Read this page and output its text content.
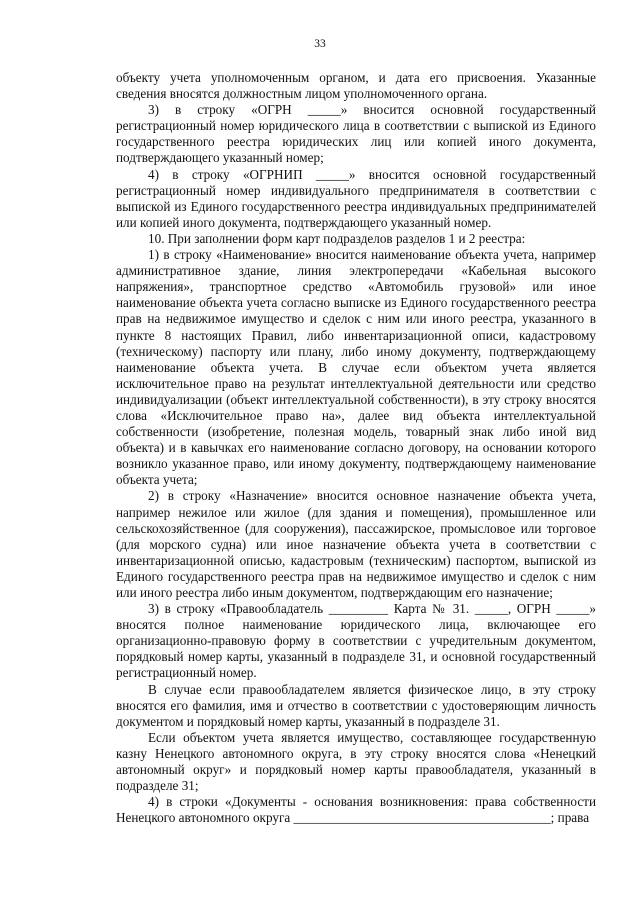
33

объекту учета уполномоченным органом, и дата его присвоения. Указанные сведения вносятся должностным лицом уполномоченного органа.

3) в строку «ОГРН _____» вносится основной государственный регистрационный номер юридического лица в соответствии с выпиской из Единого государственного реестра юридических лиц или копией иного документа, подтверждающего указанный номер;

4) в строку «ОГРНИП _____» вносится основной государственный регистрационный номер индивидуального предпринимателя в соответствии с выпиской из Единого государственного реестра индивидуальных предпринимателей или копией иного документа, подтверждающего указанный номер.

10. При заполнении форм карт подразделов разделов 1 и 2 реестра:

1) в строку «Наименование» вносится наименование объекта учета, например административное здание, линия электропередачи «Кабельная высокого напряжения», транспортное средство «Автомобиль грузовой» или иное наименование объекта учета согласно выписке из Единого государственного реестра прав на недвижимое имущество и сделок с ним или иного реестра, указанного в пункте 8 настоящих Правил, либо инвентаризационной описи, кадастровому (техническому) паспорту или плану, либо иному документу, подтверждающему наименование объекта учета. В случае если объектом учета является исключительное право на результат интеллектуальной деятельности или средство индивидуализации (объект интеллектуальной собственности), в эту строку вносятся слова «Исключительное право на», далее вид объекта интеллектуальной собственности (изобретение, полезная модель, товарный знак либо иной вид объекта) и в кавычках его наименование согласно договору, на основании которого возникло указанное право, или иному документу, подтверждающему наименование объекта учета;

2) в строку «Назначение» вносится основное назначение объекта учета, например нежилое или жилое (для здания и помещения), промышленное или сельскохозяйственное (для сооружения), пассажирское, промысловое или торговое (для морского судна) или иное назначение объекта учета в соответствии с инвентаризационной описью, кадастровым (техническим) паспортом, выпиской из Единого государственного реестра прав на недвижимое имущество и сделок с ним или иного реестра либо иным документом, подтверждающим его назначение;

3) в строку «Правообладатель _________ Карта № 31. _____, ОГРН _____» вносятся полное наименование юридического лица, включающее его организационно-правовую форму в соответствии с учредительным документом, порядковый номер карты, указанный в подразделе 31, и основной государственный регистрационный номер.

В случае если правообладателем является физическое лицо, в эту строку вносятся его фамилия, имя и отчество в соответствии с удостоверяющим личность документом и порядковый номер карты, указанный в подразделе 31.

Если объектом учета является имущество, составляющее государственную казну Ненецкого автономного округа, в эту строку вносятся слова «Ненецкий автономный округ» и порядковый номер карты правообладателя, указанный в подразделе 31;

4) в строки «Документы - основания возникновения: права собственности Ненецкого автономного округа _______________________________________; права
